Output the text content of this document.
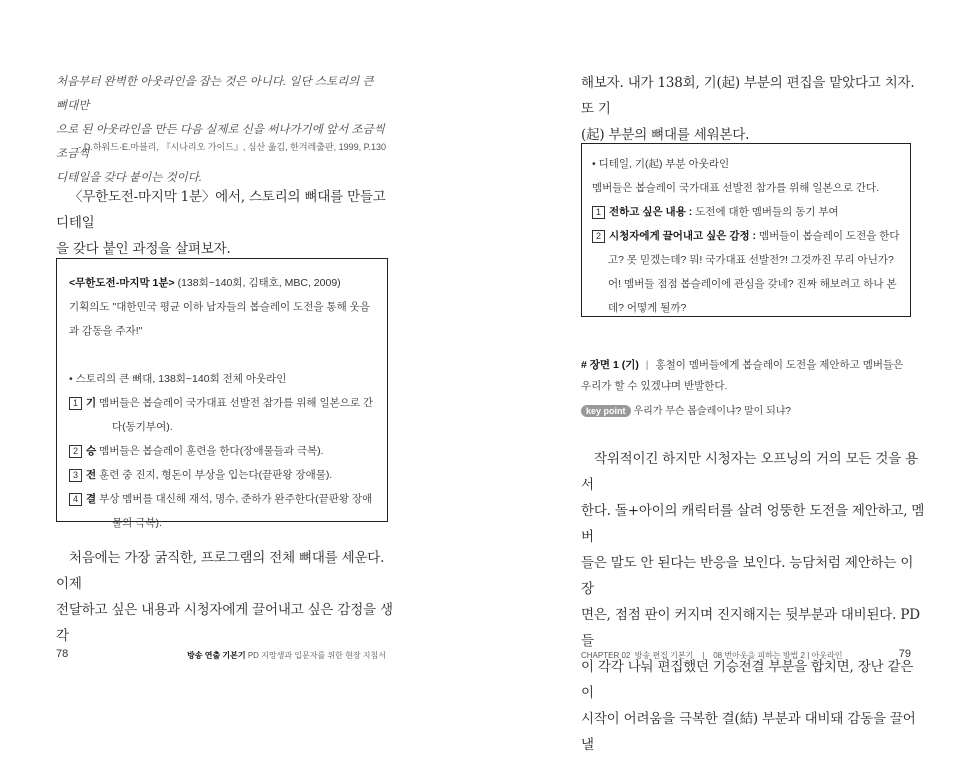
처음부터 완벽한 아웃라인을 잡는 것은 아니다. 일단 스토리의 큰 뼈대만
으로 된 아웃라인을 만든 다음 실제로 신을 써나가기에 앞서 조금씩 조금씩
디테일을 갖다 붙이는 것이다.
- D.하워드·E.마블리, 『시나리오 가이드』, 심산 옮김, 한겨레출판, 1999, P.130
〈무한도전-마지막 1분〉에서, 스토리의 뼈대를 만들고 디테일
을 갖다 붙인 과정을 살펴보자.

<무한도전-마지막 1분> (138회~140회, 김태호, MBC, 2009)

기획의도 "대한민국 평균 이하 남자들의 봅슬레이 도전을 통해 웃음

과 감동을 주자!"

• 스토리의 큰 뼈대, 138회~140회 전체 아웃라인

1 기 멤버들은 봅슬레이 국가대표 선발전 참가를 위해 일본으로 간

다(동기부여).

2 승 멤버들은 봅슬레이 훈련을 한다(장애물들과 극복).

3 전 훈련 중 진지, 형돈이 부상을 입는다(끝판왕 장애물).

4 결 부상 멤버를 대신해 재석, 명수, 준하가 완주한다(끝판왕 장애

물의 극복).

처음에는 가장 굵직한, 프로그램의 전체 뼈대를 세운다. 이제
전달하고 싶은 내용과 시청자에게 끌어내고 싶은 감정을 생각
78	방송 연출 기본기 PD 지망생과 입문자를 위한 현장 지침서
해보자. 내가 138회, 기(起) 부분의 편집을 맡았다고 치자. 또 기
(起) 부분의 뼈대를 세워본다.

• 디테일, 기(起) 부분 아웃라인

멤버들은 봅슬레이 국가대표 선발전 참가를 위해 일본으로 간다.

1 전하고 싶은 내용 : 도전에 대한 멤버들의 동기 부여

2 시청자에게 끌어내고 싶은 감정 : 멤버들이 봅슬레이 도전을 한다

고? 못 믿겠는데? 뭐! 국가대표 선발전?! 그것까진 무리 아닌가?

어! 멤버들 점점 봅슬레이에 관심을 갖네? 진짜 해보려고 하나 본

데? 어떻게 될까?

# 장면 1 (기) | 홍철이 멤버들에게 봅슬레이 도전을 제안하고 멤버들은
우리가 할 수 있겠냐며 반발한다.
key point 우리가 무슨 봅슬레이냐? 말이 되냐?
작위적이긴 하지만 시청자는 오프닝의 거의 모든 것을 용서
한다. 돌+아이의 캐릭터를 살려 엉뚱한 도전을 제안하고, 멤버
들은 말도 안 된다는 반응을 보인다. 능담처럼 제안하는 이 장
면은, 점점 판이 커지며 진지해지는 뒷부분과 대비된다. PD들
이 각각 나눠 편집했던 기승전결 부분을 합치면, 장난 같은 이
시작이 어려움을 극복한 결(結) 부분과 대비돼 감동을 끌어낼
CHAPTER 02  방송 편집 기본기    |    08 번아웃을 피하는 방법 2 | 아웃라인	79
